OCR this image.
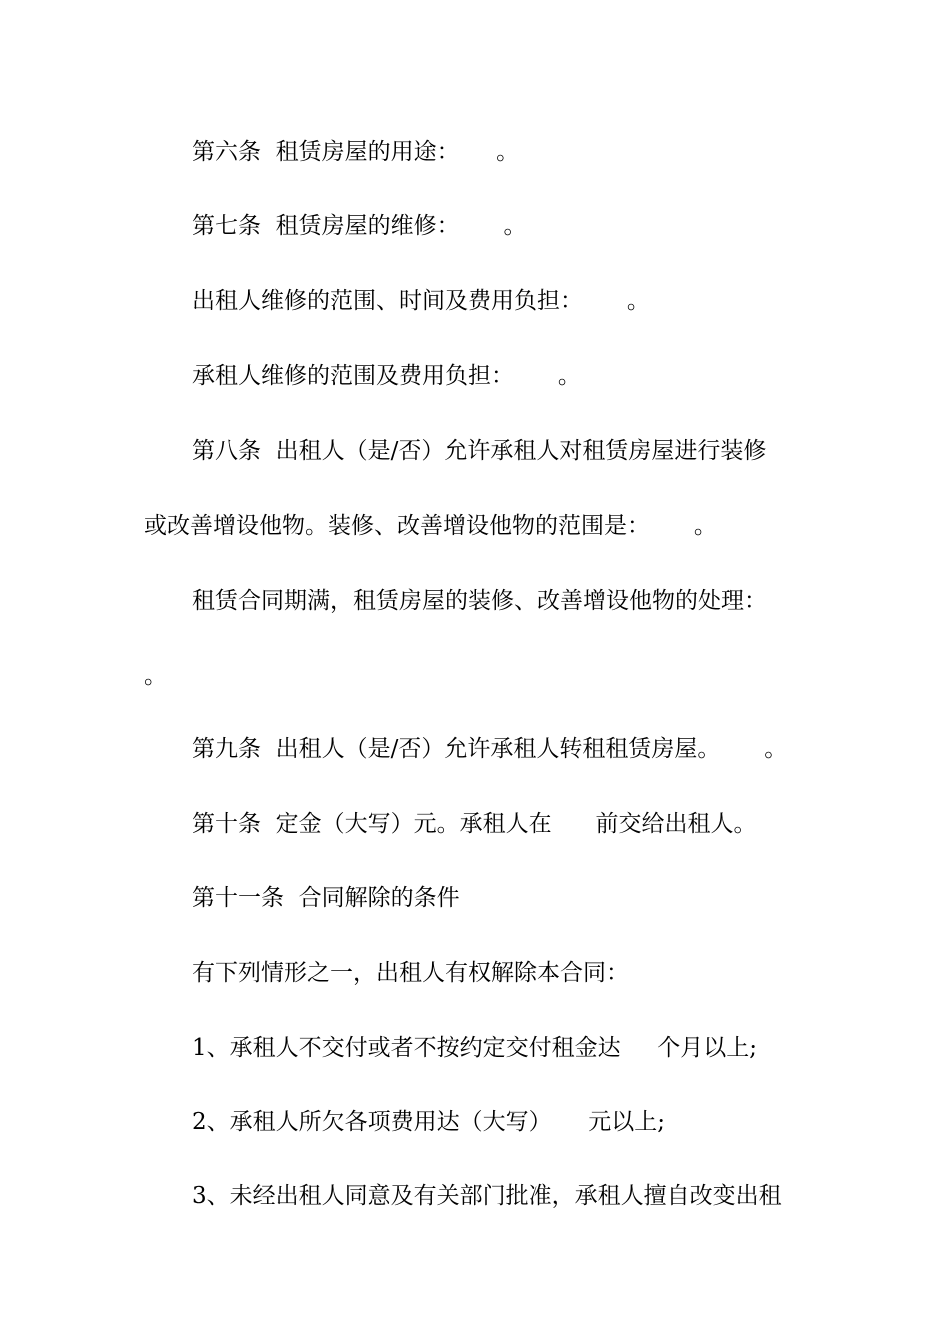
第六条  租赁房屋的用途：     。
第七条  租赁房屋的维修：      。
出租人维修的范围、时间及费用负担：      。
承租人维修的范围及费用负担：      。
第八条  出租人（是/否）允许承租人对租赁房屋进行装修
或改善增设他物。装修、改善增设他物的范围是：      。
租赁合同期满，租赁房屋的装修、改善增设他物的处理：
。
第九条  出租人（是/否）允许承租人转租租赁房屋。      。
第十条  定金（大写）元。承租人在      前交给出租人。
第十一条  合同解除的条件
有下列情形之一，出租人有权解除本合同：
1、承租人不交付或者不按约定交付租金达     个月以上;
2、承租人所欠各项费用达（大写）     元以上;
3、未经出租人同意及有关部门批准，承租人擅自改变出租
